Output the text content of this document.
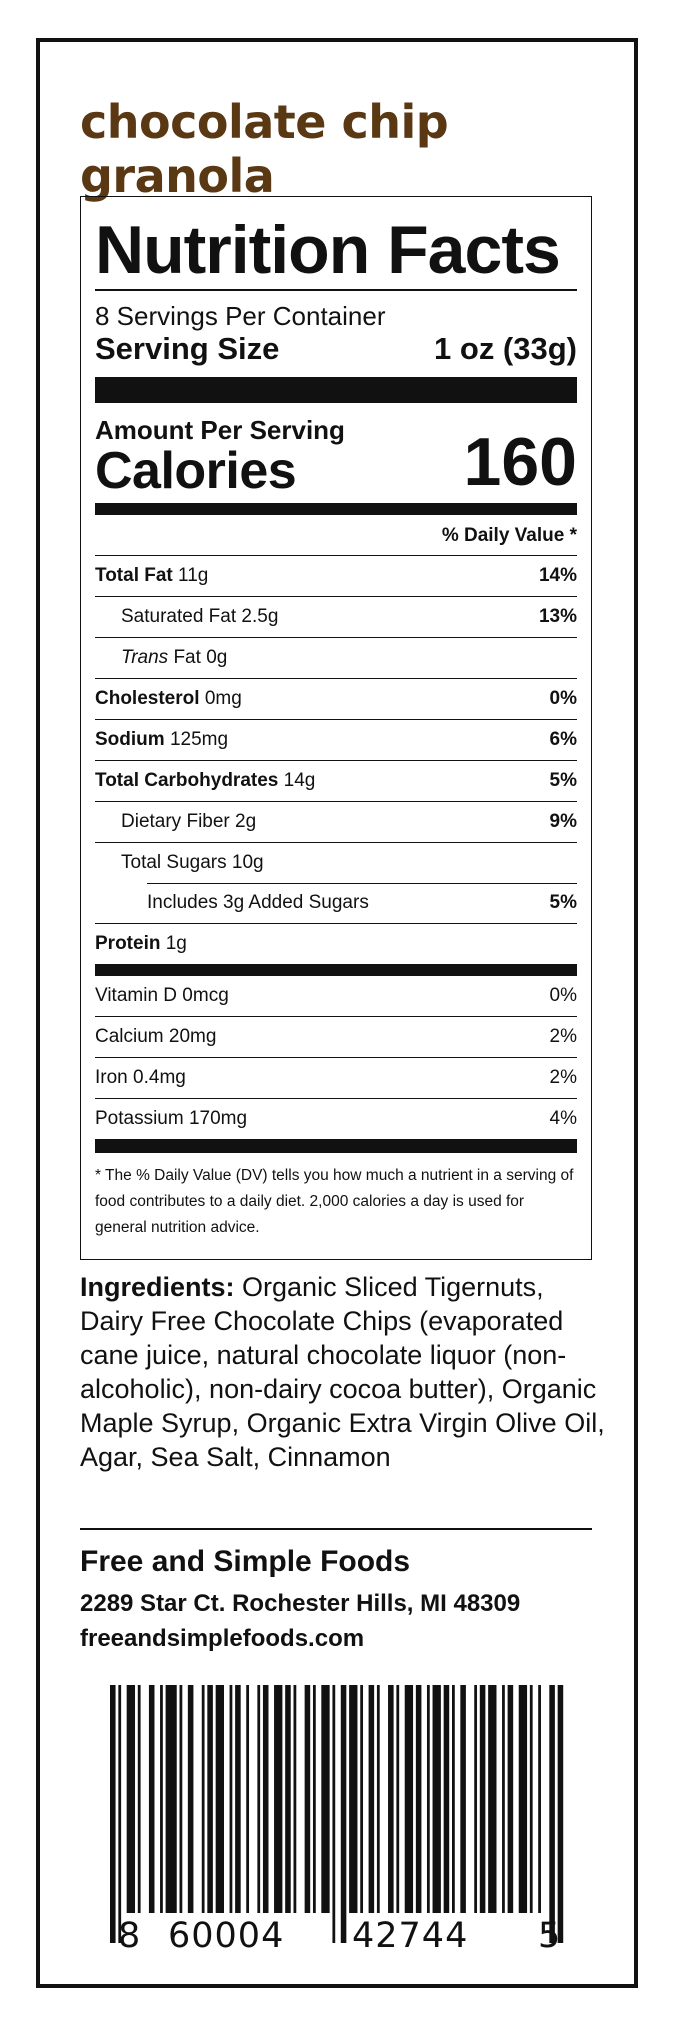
chocolate chip granola
Nutrition Facts
8 Servings Per Container
Serving Size	1 oz (33g)
Amount Per Serving
Calories 160
% Daily Value *
Total Fat 11g	14%
Saturated Fat 2.5g	13%
Trans Fat 0g
Cholesterol 0mg	0%
Sodium 125mg	6%
Total Carbohydrates 14g	5%
Dietary Fiber 2g	9%
Total Sugars 10g
Includes 3g Added Sugars	5%
Protein 1g
Vitamin D 0mcg	0%
Calcium 20mg	2%
Iron 0.4mg	2%
Potassium 170mg	4%
* The % Daily Value (DV) tells you how much a nutrient in a serving of food contributes to a daily diet. 2,000 calories a day is used for general nutrition advice.
Ingredients: Organic Sliced Tigernuts, Dairy Free Chocolate Chips (evaporated cane juice, natural chocolate liquor (non-alcoholic), non-dairy cocoa butter), Organic Maple Syrup, Organic Extra Virgin Olive Oil, Agar, Sea Salt, Cinnamon
Free and Simple Foods
2289 Star Ct. Rochester Hills, MI 48309
freeandsimplefoods.com
8 60004 42744 5
